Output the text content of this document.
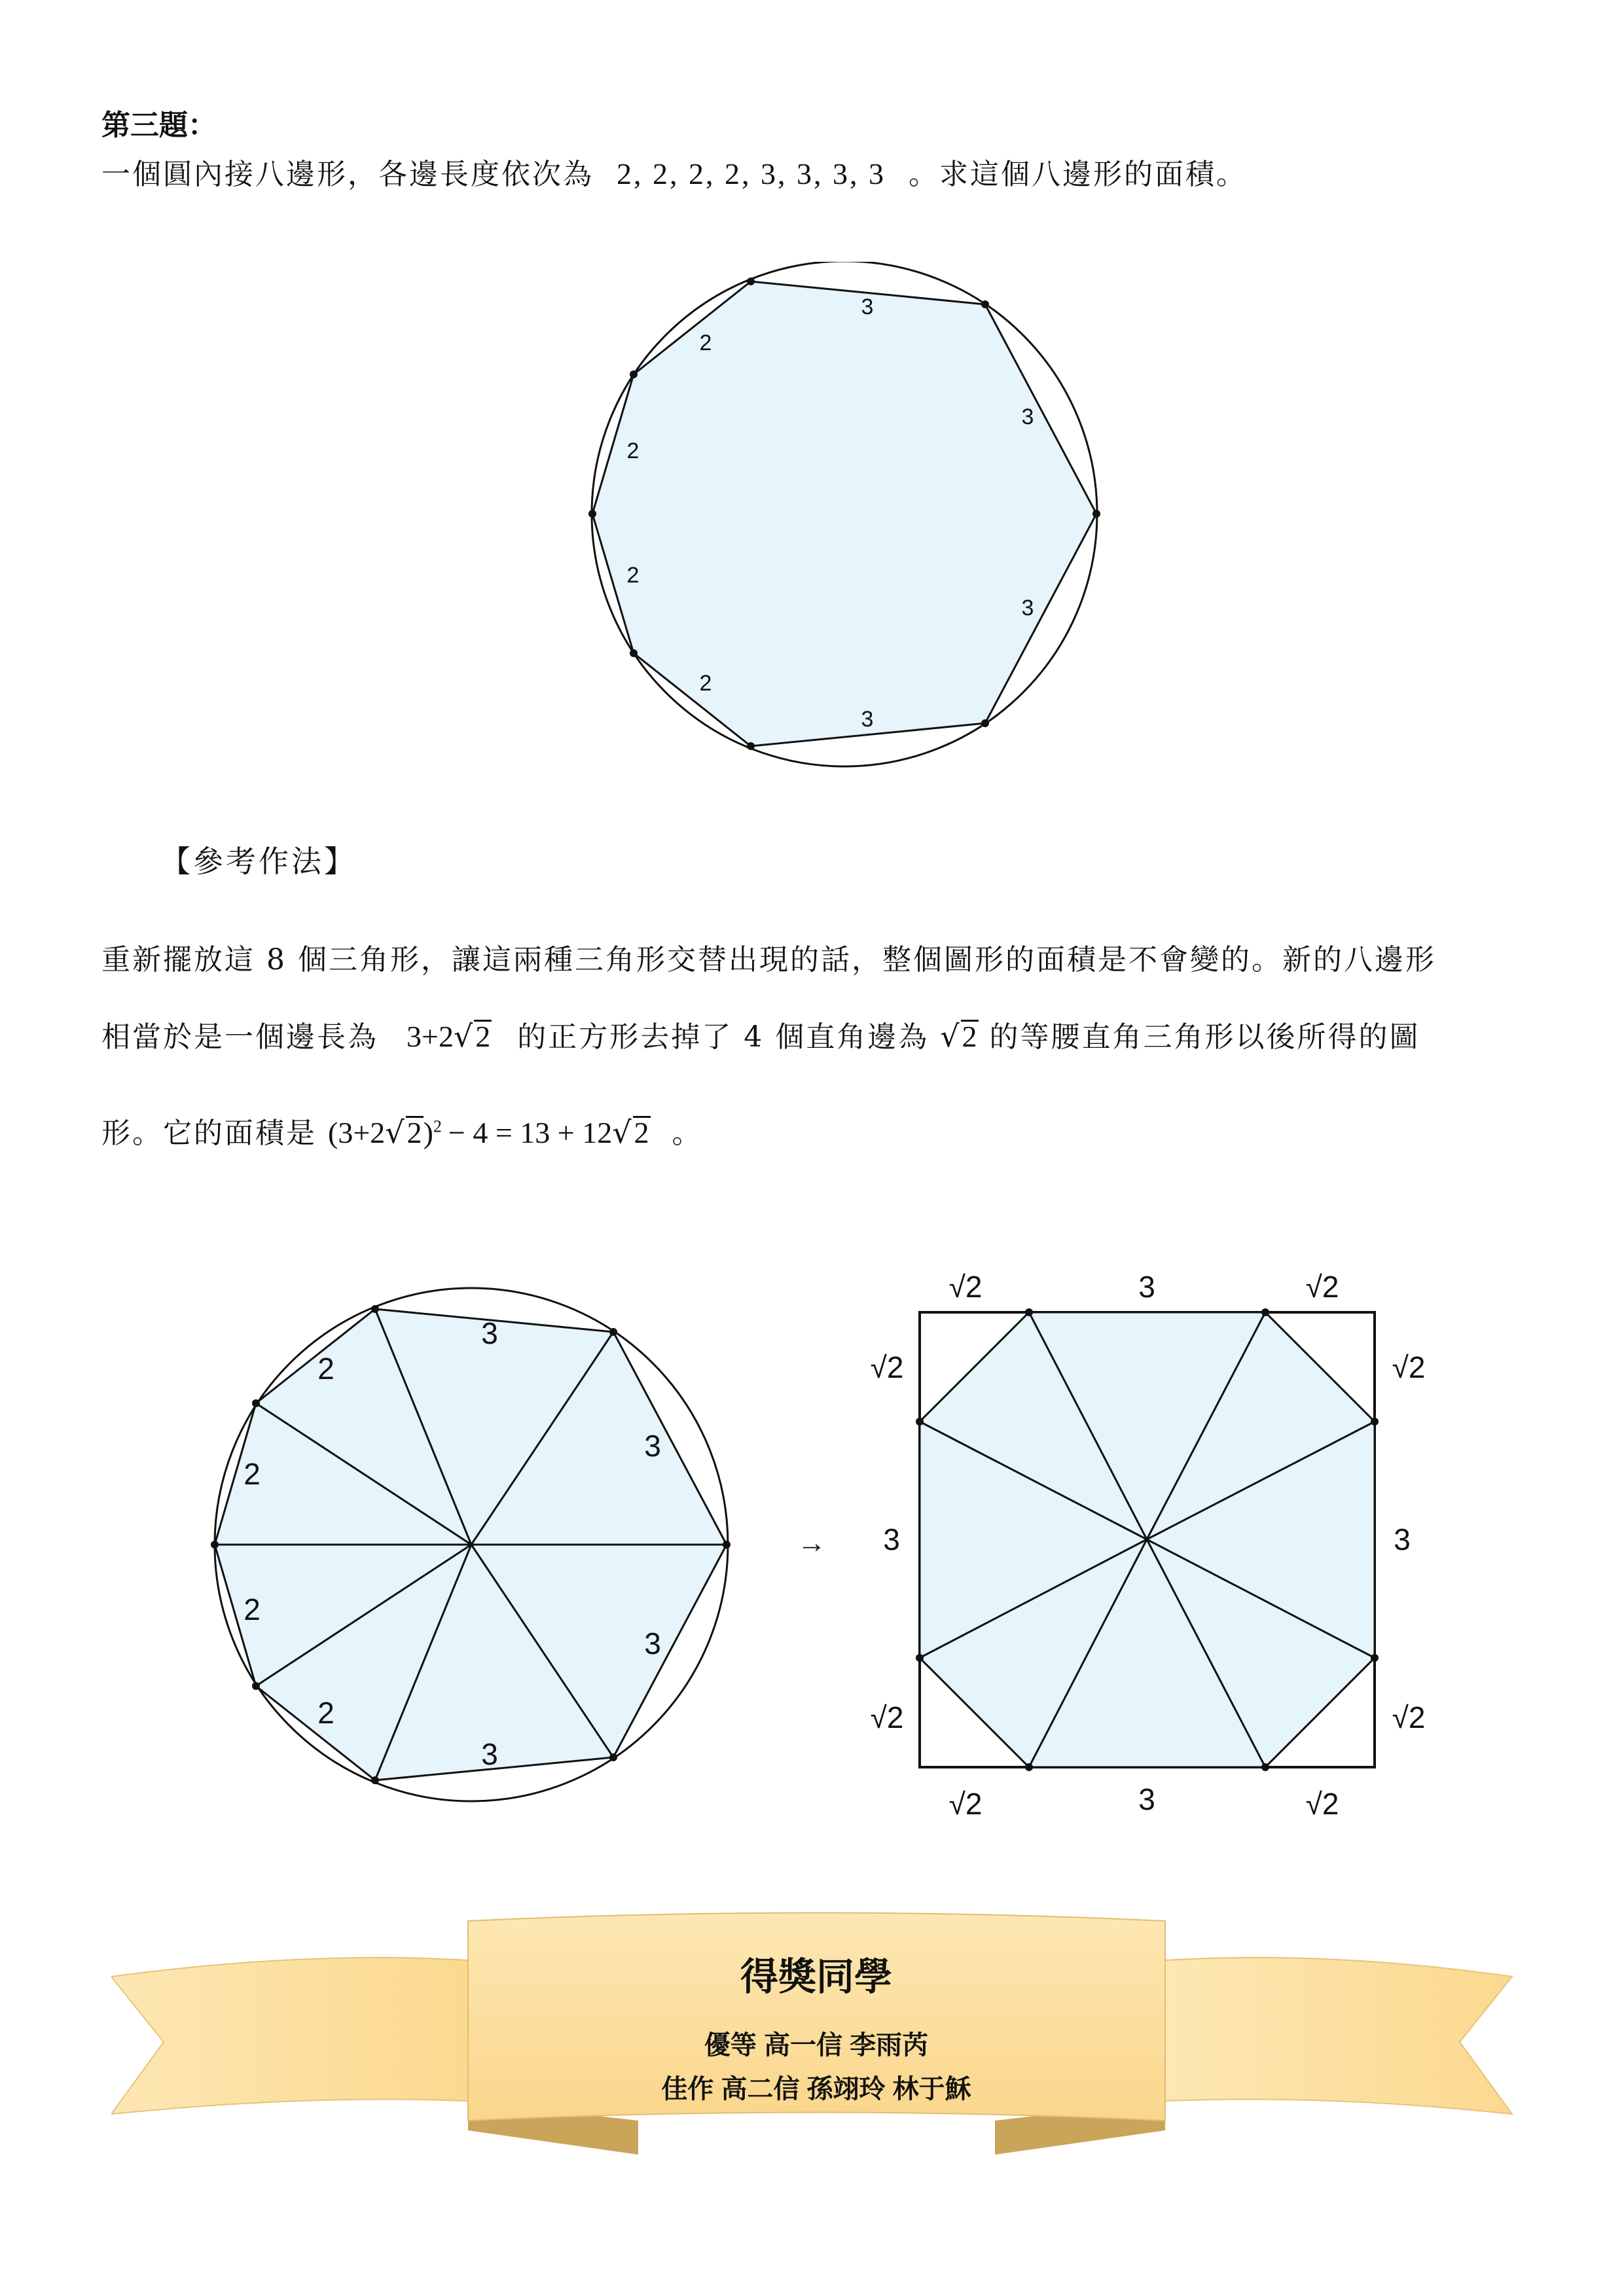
第三題：
一個圓內接八邊形，各邊長度依次為 2, 2, 2, 2, 3, 3, 3, 3 。求這個八邊形的面積。
3
3
3
3
2
2
2
2
【參考作法】
重新擺放這 8 個三角形，讓這兩種三角形交替出現的話，整個圖形的面積是不會變的。新的八邊形
相當於是一個邊長為 3+2√2 的正方形去掉了 4 個直角邊為 √2 的等腰直角三角形以後所得的圖
形。它的面積是 $(3+2√2)^2 - 4 = 13 + 12√2$ 。
3
3
3
3
2
2
2
2
→
3
3
3	3
√2	√2
√2	√2
√2	√2
√2	√2
得獎同學
優等 高一信 李雨芮
佳作 高二信 孫翊玲 林于穌
